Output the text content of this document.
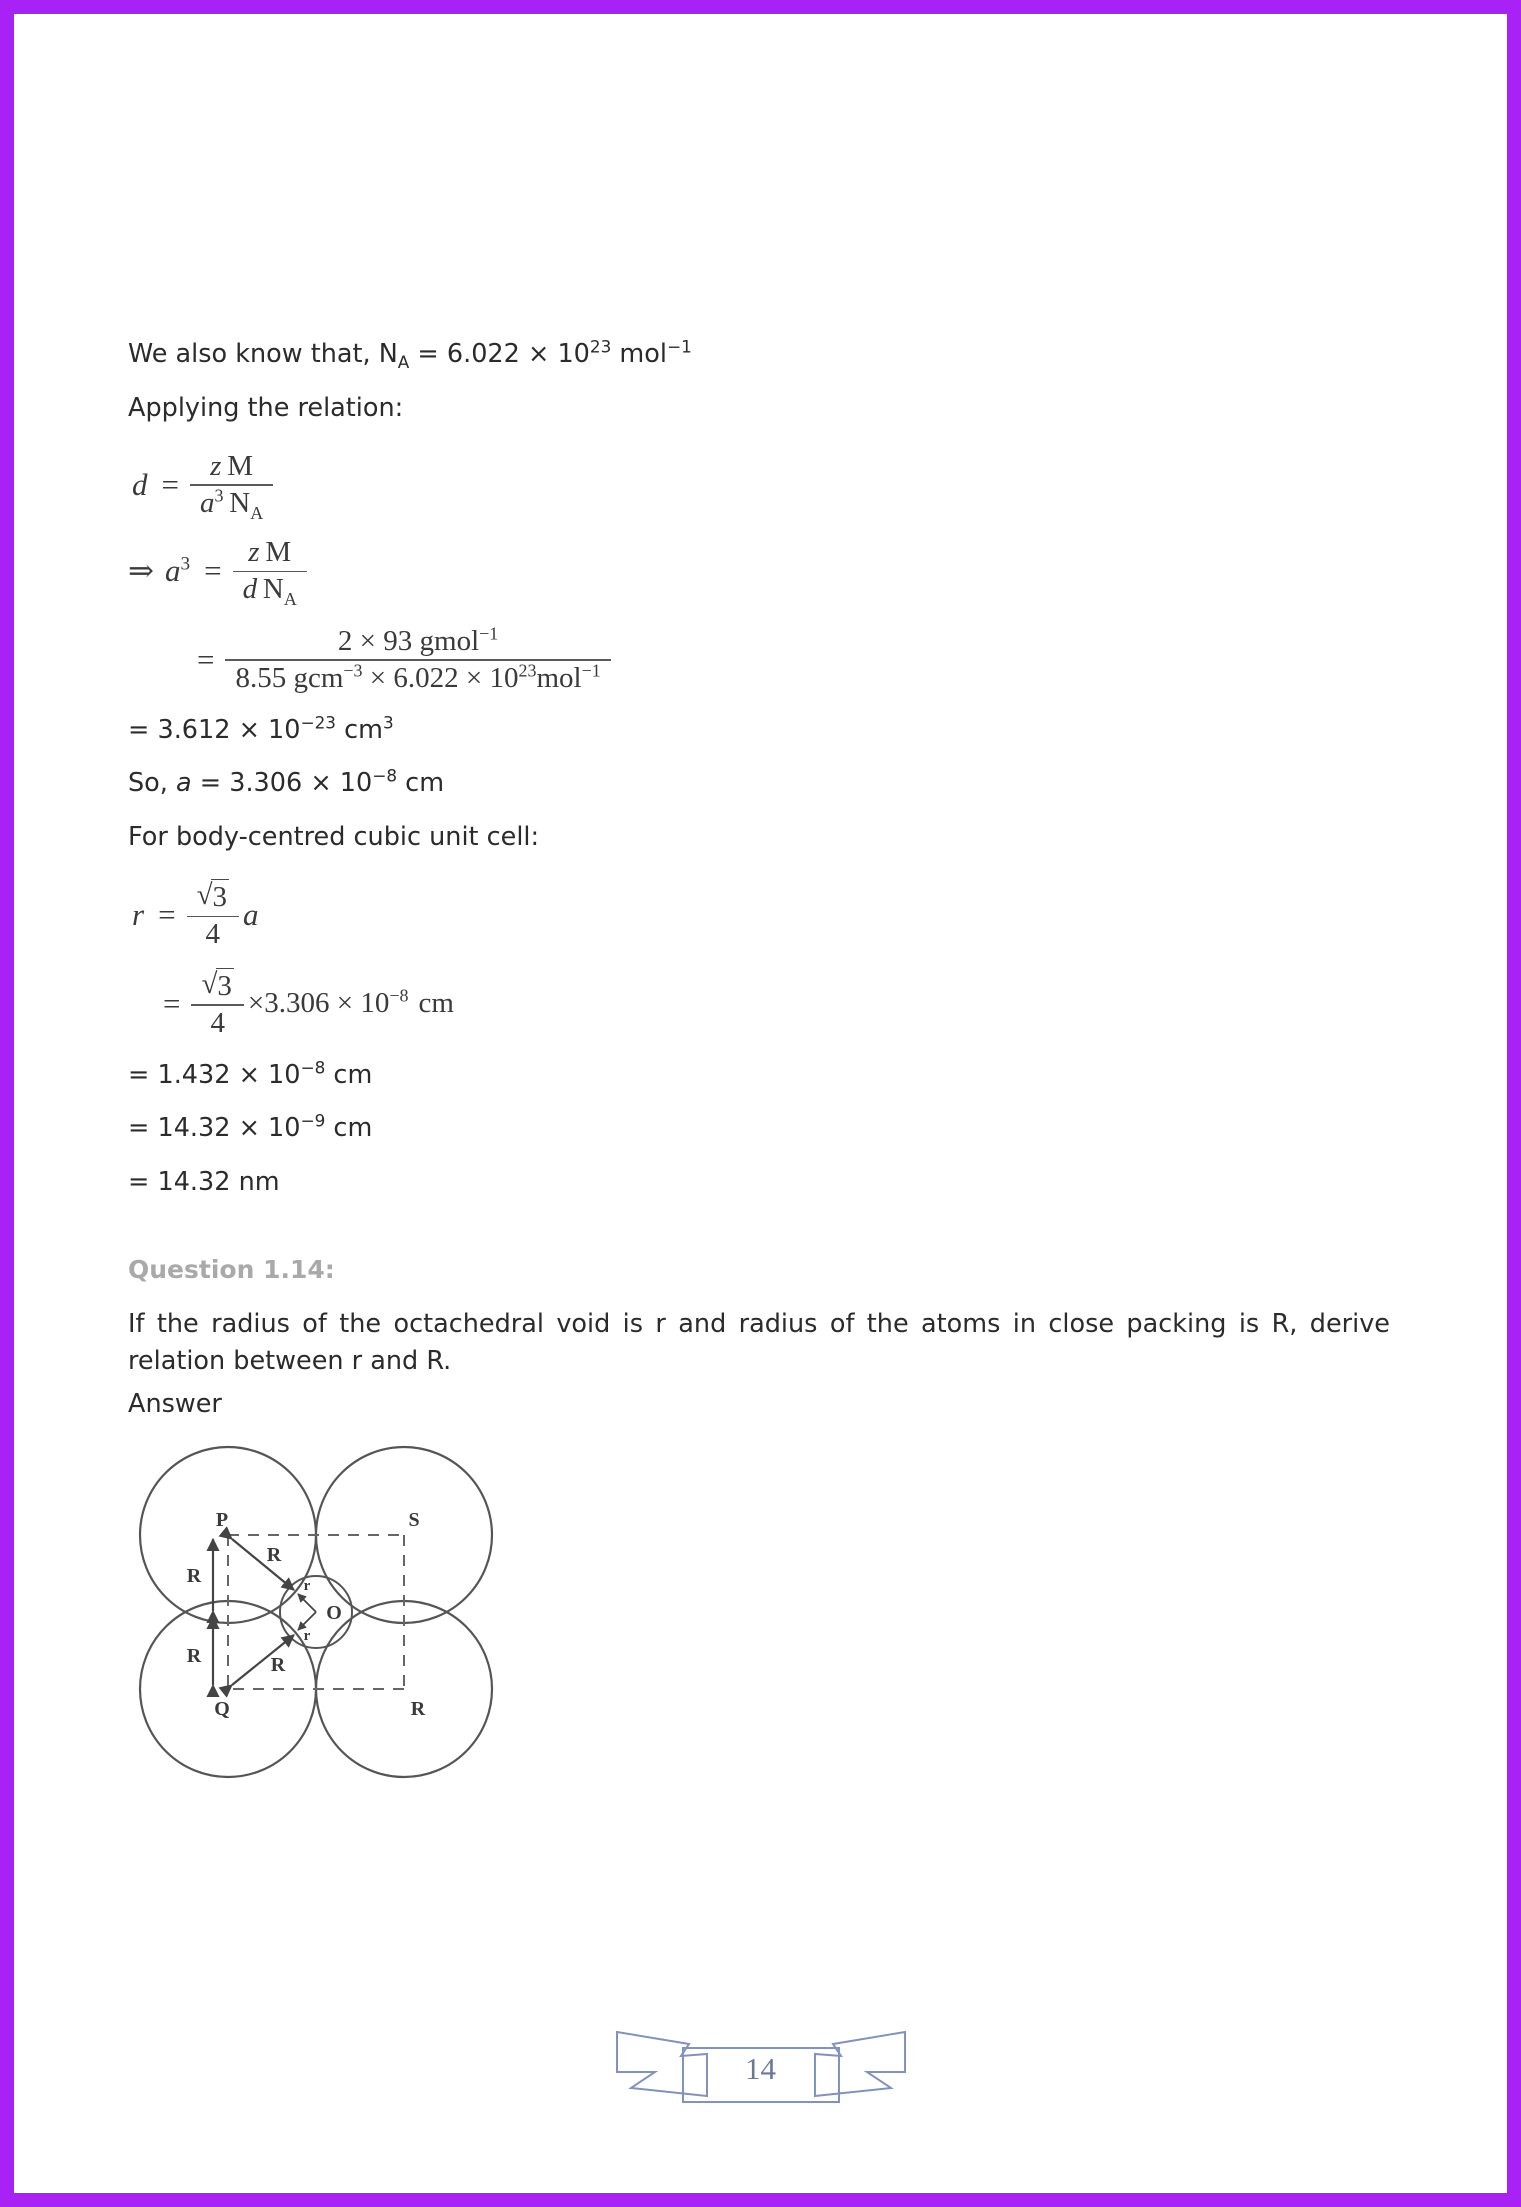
We also know that, $N_A = 6.022 \times 10^{23}$ mol$^{-1}$

Applying the relation:

$d = \frac{\text{z  M}}{a^3 N_A}$
⇒ $a^3 = \frac{\text{z  M}}{d N_A}$
= $\frac{2 \times 93 gmol^{-1}}{8.55 gcm^{-3} \times 6.022 \times 10^{23}mol^{-1}}$

= $3.612 \times 10^{-23}$ $cm^3$

So, $a = 3.306 \times 10^{-8}$ cm

For body-centred cubic unit cell:

$r = \frac{√ 3}{4}$ a
= $\frac{√ 3}{4} \times 3.306 \times 10^{-8}$ cm

= $1.432 \times 10^{-8}$ cm

= $14.32 \times 10^{-9}$ cm

= 14.32 nm

Question 1.14:

If the radius of the octachedral void is r and radius of the atoms in close packing is R, derive relation between r and R.

Answer

P	S
Q	R
O
R
R
R
R
r
r
14
